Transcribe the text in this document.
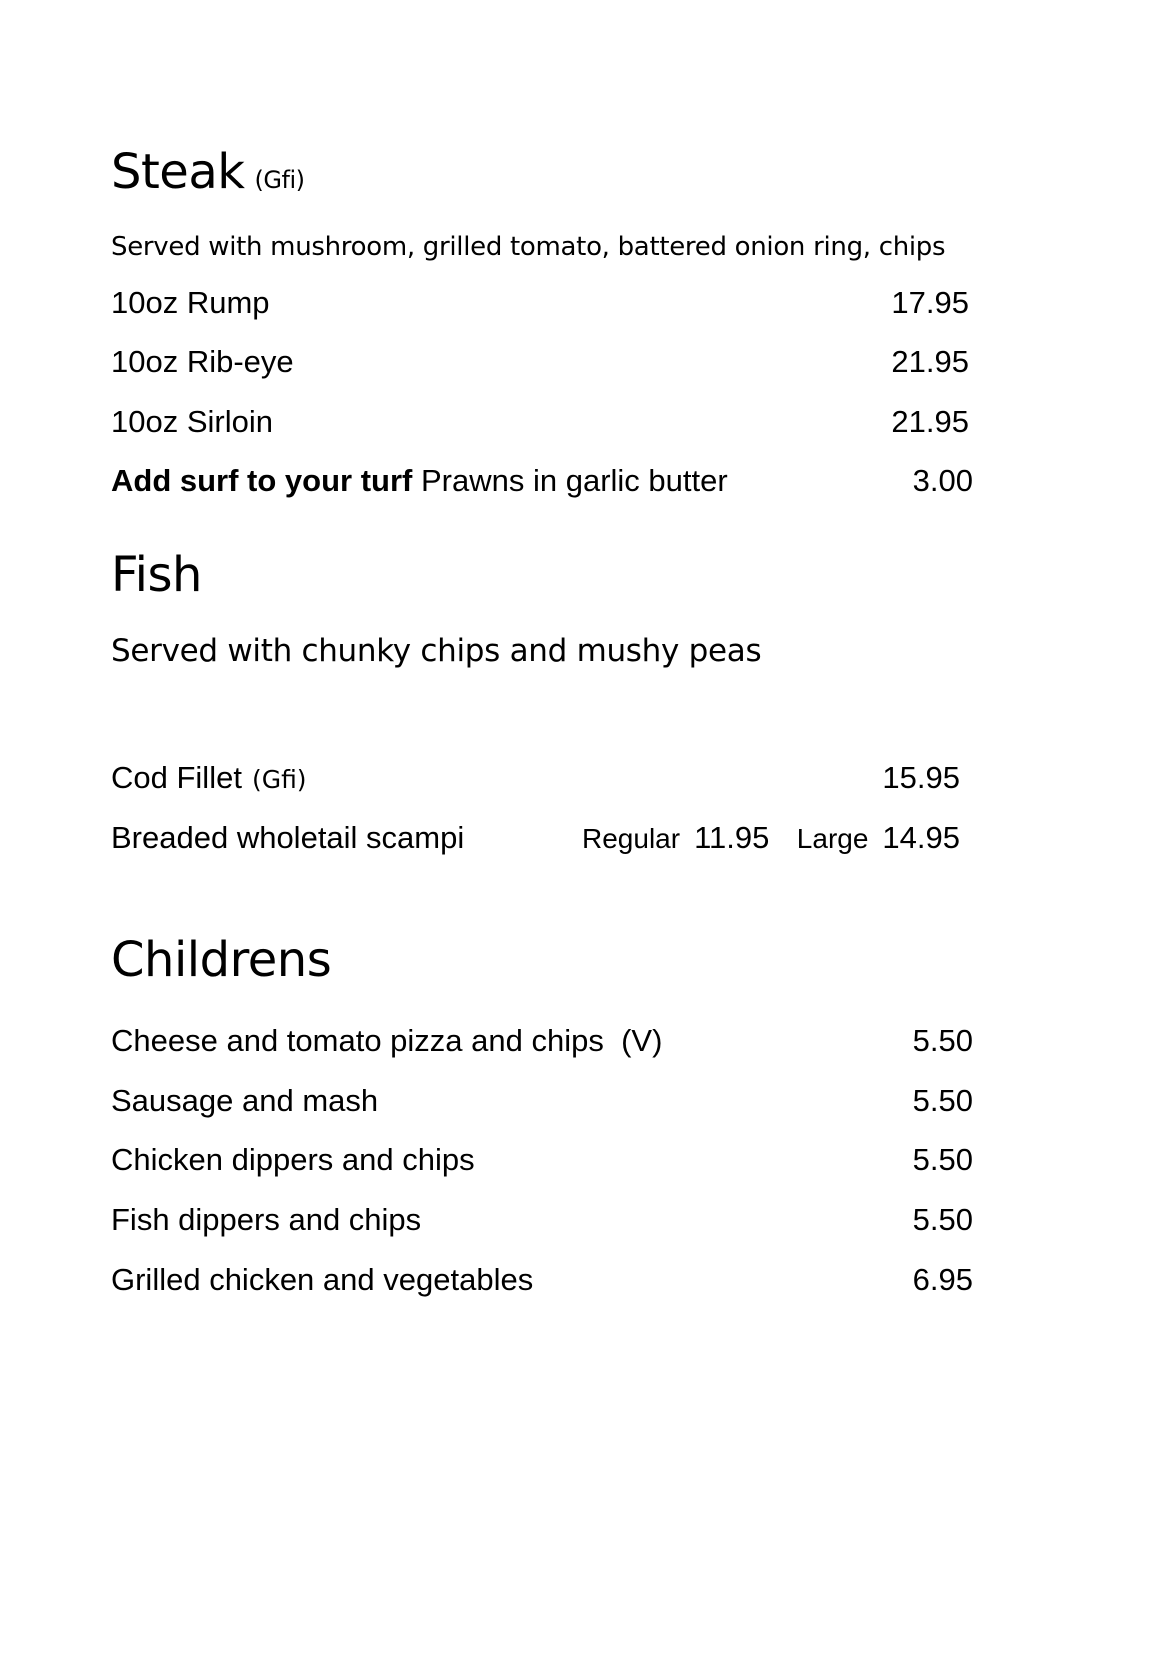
Steak (Gfi)
Served with mushroom, grilled tomato, battered onion ring, chips
10oz Rump	17.95
10oz Rib-eye	21.95
10oz Sirloin	21.95
Add surf to your turf Prawns in garlic butter	3.00
Fish
Served with chunky chips and mushy peas
Cod Fillet (Gfi)	15.95
Breaded wholetail scampi	Regular 11.95 Large 14.95
Childrens
Cheese and tomato pizza and chips  (V)	5.50
Sausage and mash	5.50
Chicken dippers and chips	5.50
Fish dippers and chips	5.50
Grilled chicken and vegetables	6.95
